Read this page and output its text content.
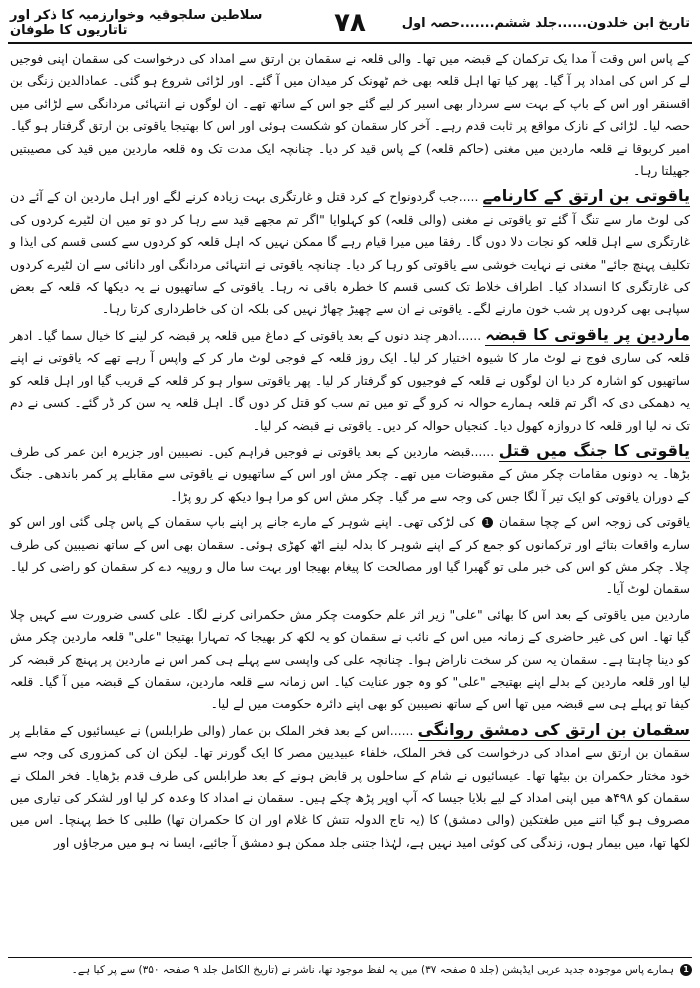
تاریخ ابن خلدون......جلد ششم.......حصہ اول
۷۸
سلاطین سلجوقیہ وخوارزمیہ کا ذکر اور تاتاریوں کا طوفان

کے پاس اس وقت آ مدا یک ترکمان کے قبضہ میں تھا۔ والی قلعہ نے سقمان بن ارتق سے امداد کی درخواست کی سقمان اپنی فوجیں لے کر اس کی امداد پر آ گیا۔ پھر کیا تھا اہل قلعہ بھی خم ٹھونک کر میدان میں آ گئے۔ اور لڑائی شروع ہو گئی۔ عمادالدین زنگی بن اقسنقر اور اس کے باپ کے بہت سے سردار بھی اسیر کر لیے گئے جو اس کے ساتھ تھے۔ ان لوگوں نے انتہائی مردانگی سے لڑائی میں حصہ لیا۔ لڑائی کے نازک مواقع پر ثابت قدم رہے۔ آخر کار سقمان کو شکست ہوئی اور اس کا بھتیجا یاقوتی بن ارتق گرفتار ہو گیا۔ امیر کربوقا نے قلعہ ماردین میں مغنی (حاکم قلعہ) کے پاس قید کر دیا۔ چنانچہ ایک مدت تک وہ قلعہ ماردین میں قید کی مصیبتیں جھیلتا رہا۔

یاقوتی بن ارتق کے کارنامے .....جب گردونواح کے کرد قتل و غارتگری بہت زیادہ کرنے لگے اور اہل ماردین ان کے آئے دن کی لوٹ مار سے تنگ آ گئے تو یاقوتی نے مغنی (والی قلعہ) کو کہلوایا "اگر تم مجھے قید سے رہا کر دو تو میں ان لٹیرے کردوں کی غارتگری سے اہل قلعہ کو نجات دلا دوں گا۔ رفقا میں میرا قیام رہے گا ممکن نہیں کہ اہل قلعہ کو کردوں سے کسی قسم کی ایذا و تکلیف پہنچ جائے" مغنی نے نہایت خوشی سے یاقوتی کو رہا کر دیا۔ چنانچہ یاقوتی نے انتہائی مردانگی اور دانائی سے ان لٹیرے کردوں کی غارتگری کا انسداد کیا۔ اطراف خلاط تک کسی قسم کا خطرہ باقی نہ رہا۔ یاقوتی کے ساتھیوں نے یہ دیکھا کہ قلعہ کے بعض سپاہی بھی کردوں پر شب خون مارنے لگے۔ یاقوتی نے ان سے چھیڑ چھاڑ نہیں کی بلکہ ان کی خاطرداری کرتا رہا۔

ماردین پر یاقوتی کا قبضہ ......ادھر چند دنوں کے بعد یاقوتی کے دماغ میں قلعہ پر قبضہ کر لینے کا خیال سما گیا۔ ادھر قلعہ کی ساری فوج نے لوٹ مار کا شیوہ اختیار کر لیا۔ ایک روز قلعہ کے فوجی لوٹ مار کر کے واپس آ رہے تھے کہ یاقوتی نے اپنے ساتھیوں کو اشارہ کر دیا ان لوگوں نے قلعہ کے فوجیوں کو گرفتار کر لیا۔ پھر یاقوتی سوار ہو کر قلعہ کے قریب گیا اور اہل قلعہ کو یہ دھمکی دی کہ اگر تم قلعہ ہمارے حوالہ نہ کرو گے تو میں تم سب کو قتل کر دوں گا۔ اہل قلعہ یہ سن کر ڈر گئے۔ کسی نے دم تک نہ لیا اور قلعہ کا دروازہ کھول دیا۔ کنجیاں حوالہ کر دیں۔ یاقوتی نے قبضہ کر لیا۔

یاقوتی کا جنگ میں قتل ......قبضہ ماردین کے بعد یاقوتی نے فوجیں فراہم کیں۔ نصیبین اور جزیرہ ابن عمر کی طرف بڑھا۔ یہ دونوں مقامات چکر مش کے مقبوضات میں تھے۔ چکر مش اور اس کے ساتھیوں نے یاقوتی سے مقابلے پر کمر باندھی۔ جنگ کے دوران یاقوتی کو ایک تیر آ لگا جس کی وجہ سے مر گیا۔ چکر مش اس کو مرا ہوا دیکھ کر رو پڑا۔

یاقوتی کی زوجہ اس کے چچا سقمان 1 کی لڑکی تھی۔ اپنے شوہر کے مارے جانے پر اپنے باپ سقمان کے پاس چلی گئی اور اس کو سارے واقعات بتائے اور ترکمانوں کو جمع کر کے اپنے شوہر کا بدلہ لینے اٹھ کھڑی ہوئی۔ سقمان بھی اس کے ساتھ نصیبین کی طرف چلا۔ چکر مش کو اس کی خبر ملی تو گھبرا گیا اور مصالحت کا پیغام بھیجا اور بہت سا مال و روپیہ دے کر سقمان کو راضی کر لیا۔ سقمان لوٹ آیا۔

ماردین میں یاقوتی کے بعد اس کا بھائی "علی" زیر اثر علم حکومت چکر مش حکمرانی کرنے لگا۔ علی کسی ضرورت سے کہیں چلا گیا تھا۔ اس کی غیر حاضری کے زمانہ میں اس کے نائب نے سقمان کو یہ لکھ کر بھیجا کہ تمہارا بھتیجا "علی" قلعہ ماردین چکر مش کو دینا چاہتا ہے۔ سقمان یہ سن کر سخت ناراض ہوا۔ چنانچہ علی کی واپسی سے پہلے ہی کمر اس نے ماردین پر پہنچ کر قبضہ کر لیا اور قلعہ ماردین کے بدلے اپنے بھتیجے "علی" کو وہ جور عنایت کیا۔ اس زمانہ سے قلعہ ماردین، سقمان کے قبضہ میں آ گیا۔ قلعہ کیفا تو پہلے ہی سے قبضہ میں تھا اس کے ساتھ نصیبین کو بھی اپنے دائرہ حکومت میں لے لیا۔

سقمان بن ارتق کی دمشق روانگی ......اس کے بعد فخر الملک بن عمار (والی طرابلس) نے عیسائیوں کے مقابلے پر سقمان بن ارتق سے امداد کی درخواست کی فخر الملک، خلفاء عبیدیین مصر کا ایک گورنر تھا۔ لیکن ان کی کمزوری کی وجہ سے خود مختار حکمران بن بیٹھا تھا۔ عیسائیوں نے شام کے ساحلوں پر قابض ہونے کے بعد طرابلس کی طرف قدم بڑھایا۔ فخر الملک نے سقمان کو ۴۹۸ھ میں اپنی امداد کے لیے بلایا جیسا کہ آپ اوپر پڑھ چکے ہیں۔ سقمان نے امداد کا وعدہ کر لیا اور لشکر کی تیاری میں مصروف ہو گیا اتنے میں طغتکین (والی دمشق) کا (یہ تاج الدولہ تتش کا غلام اور ان کا حکمران تھا) طلبی کا خط پہنچا۔ اس میں لکھا تھا، میں بیمار ہوں، زندگی کی کوئی امید نہیں ہے، لہٰذا جتنی جلد ممکن ہو دمشق آ جائیے، ایسا نہ ہو میں مرجاؤں اور

1
ہمارے پاس موجودہ جدید عربی ایڈیشن (جلد ۵ صفحہ ۳۷) میں یہ لفظ موجود تھا، ناشر نے (تاریخ الکامل جلد ۹ صفحہ ۳۵۰) سے پر کیا ہے۔
